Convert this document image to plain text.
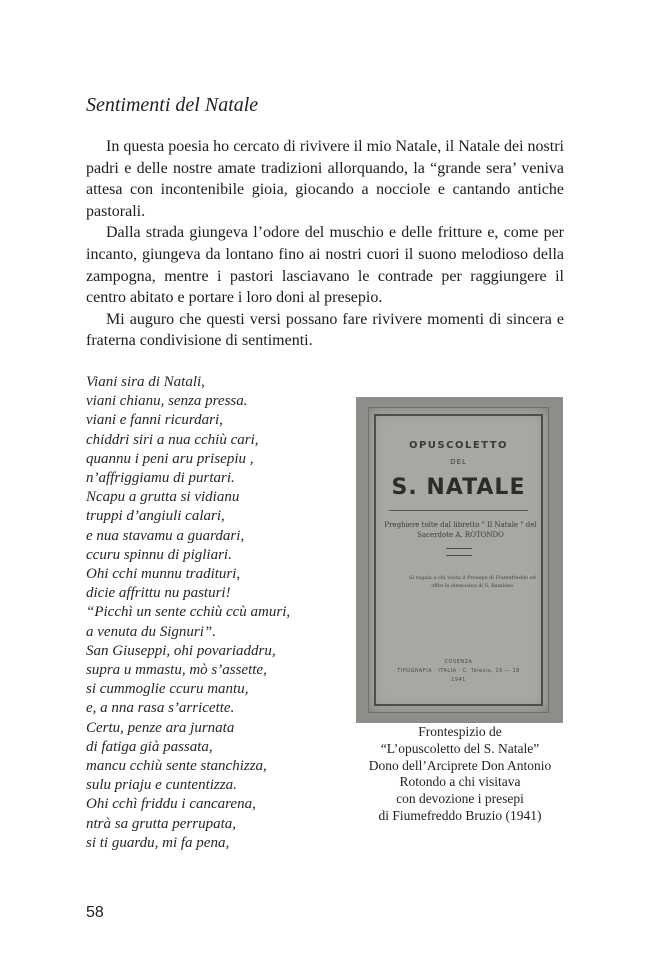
Sentimenti del Natale

In questa poesia ho cercato di rivivere il mio Natale, il Natale dei nostri padri e delle nostre amate tradizioni allorquando, la “grande sera’ veniva attesa con incontenibile gioia, giocando a nocciole e cantando antiche pastorali.

Dalla strada giungeva l’odore del muschio e delle fritture e, come per incanto, giungeva da lontano fino ai nostri cuori il suono melodioso della zampogna, mentre i pastori lasciavano le contrade per raggiungere il centro abitato e portare i loro doni al presepio.

Mi auguro che questi versi possano fare rivivere momenti di sincera e fraterna condivisione di sentimenti.

Viani sira di Natali,
viani chianu, senza pressa.
viani e fanni ricurdari,
chiddri siri a nua cchiù cari,
quannu i peni aru prisepiu ,
n’affriggiamu di purtari.
Ncapu a grutta si vidianu
truppi d’angiuli calari,
e nua stavamu a guardari,
ccuru spinnu di pigliari.
Ohi cchi munnu tradituri,
dicie affrittu nu pasturi!
“Picchì un sente cchiù ccù amuri,
a venuta du Signuri”.
San Giuseppi, ohi povariaddru,
supra u mmastu, mò s’assette,
si cummoglie ccuru mantu,
e, a nna rasa s’arricette.
Certu, penze ara jurnata
di fatiga già passata,
mancu cchiù sente stanchizza,
sulu priaju e cuntentizza.
Ohi cchì friddu i cancarena,
ntrà sa grutta perrupata,
si ti guardu, mi fa pena,
OPUSCOLETTO
DEL
S. NATALE
Preghiere tolte dal libretto " Il Natale " del Sacerdote A. ROTONDO
Si regala a chi visita il Presepe di Fiumefreddo ed offre la elemosina di S. Bambino
COSENZA
TIPOGRAFIA · ITALIA · C. Telesio, 16 — 18
1941
Frontespizio de
“L’opuscoletto del S. Natale”
Dono dell’Arciprete Don Antonio
Rotondo a chi visitava
con devozione i presepi
di Fiumefreddo Bruzio (1941)
58
